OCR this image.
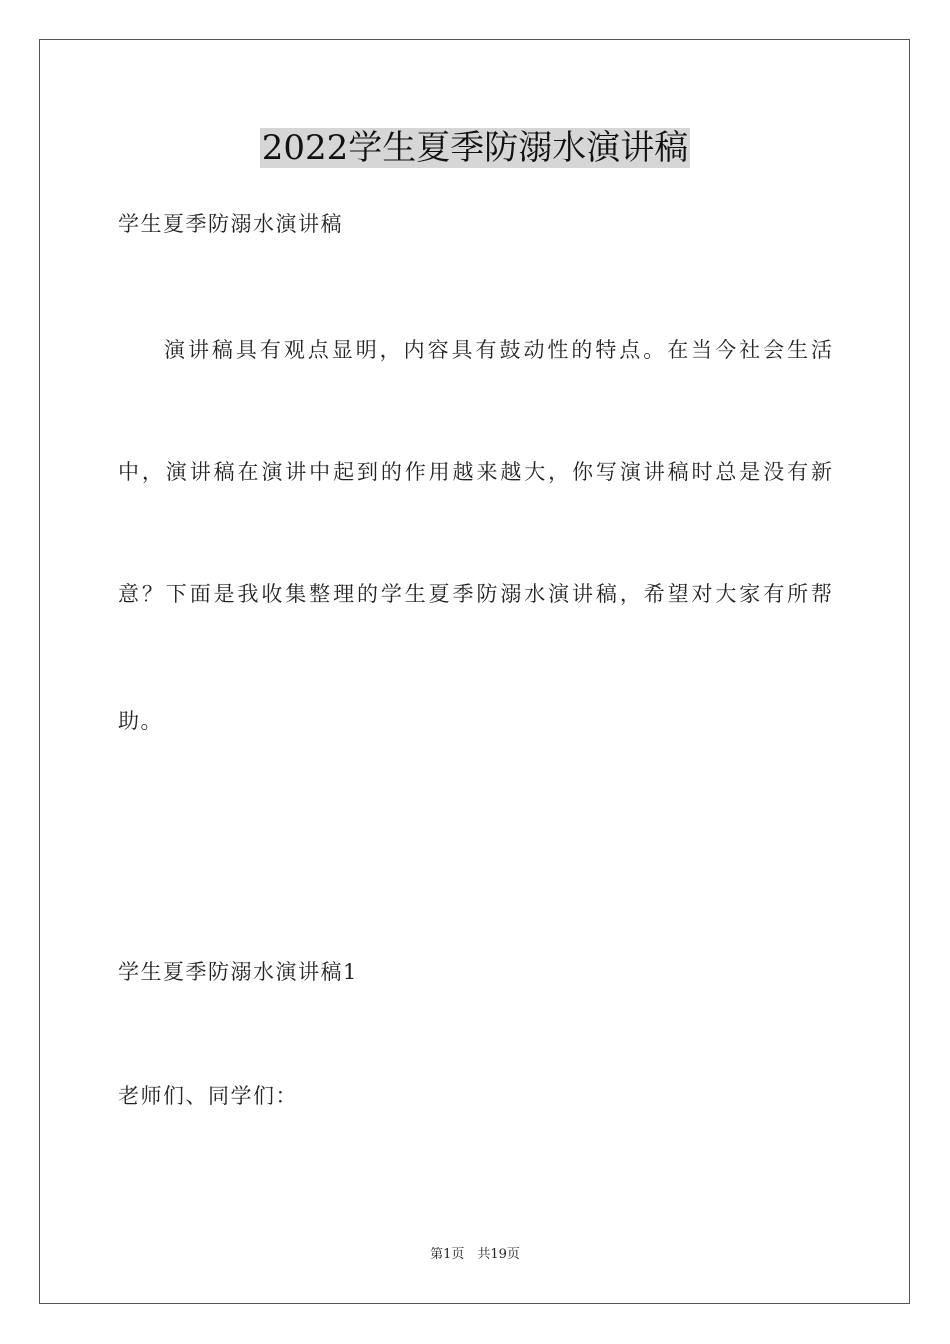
2022学生夏季防溺水演讲稿
学生夏季防溺水演讲稿
演讲稿具有观点显明，内容具有鼓动性的特点。在当今社会生活
中，演讲稿在演讲中起到的作用越来越大，你写演讲稿时总是没有新
意？下面是我收集整理的学生夏季防溺水演讲稿，希望对大家有所帮
助。
学生夏季防溺水演讲稿1
老师们、同学们：
第1页　共19页
